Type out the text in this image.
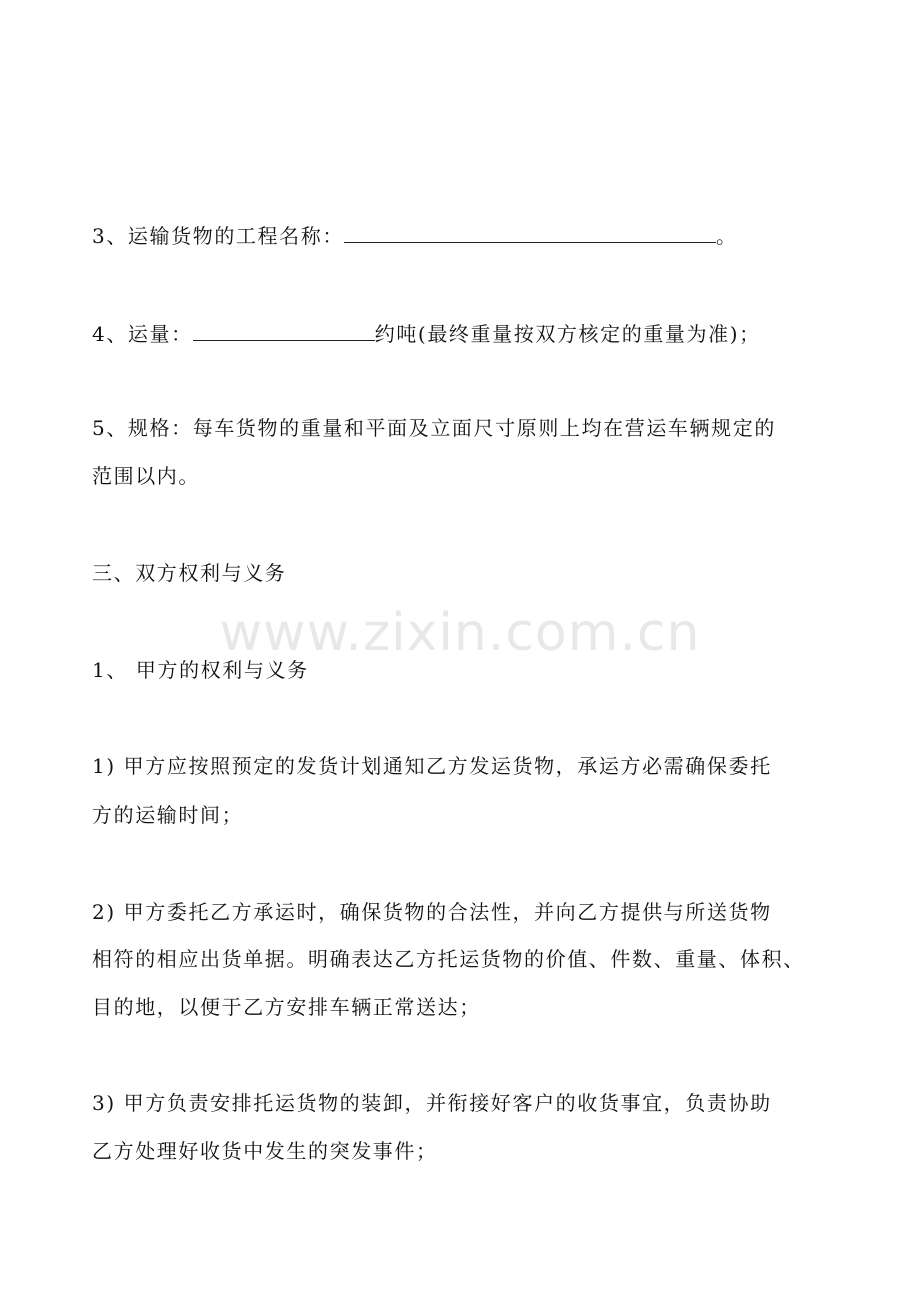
3、运输货物的工程名称：	。
4、运量：	约吨(最终重量按双方核定的重量为准)；
5、规格：每车货物的重量和平面及立面尺寸原则上均在营运车辆规定的
范围以内。
三、双方权利与义务
www.zixin.com.cn
1、 甲方的权利与义务
1) 甲方应按照预定的发货计划通知乙方发运货物，承运方必需确保委托
方的运输时间；
2) 甲方委托乙方承运时，确保货物的合法性，并向乙方提供与所送货物
相符的相应出货单据。明确表达乙方托运货物的价值、件数、重量、体积、
目的地，以便于乙方安排车辆正常送达；
3) 甲方负责安排托运货物的装卸，并衔接好客户的收货事宜，负责协助
乙方处理好收货中发生的突发事件；
